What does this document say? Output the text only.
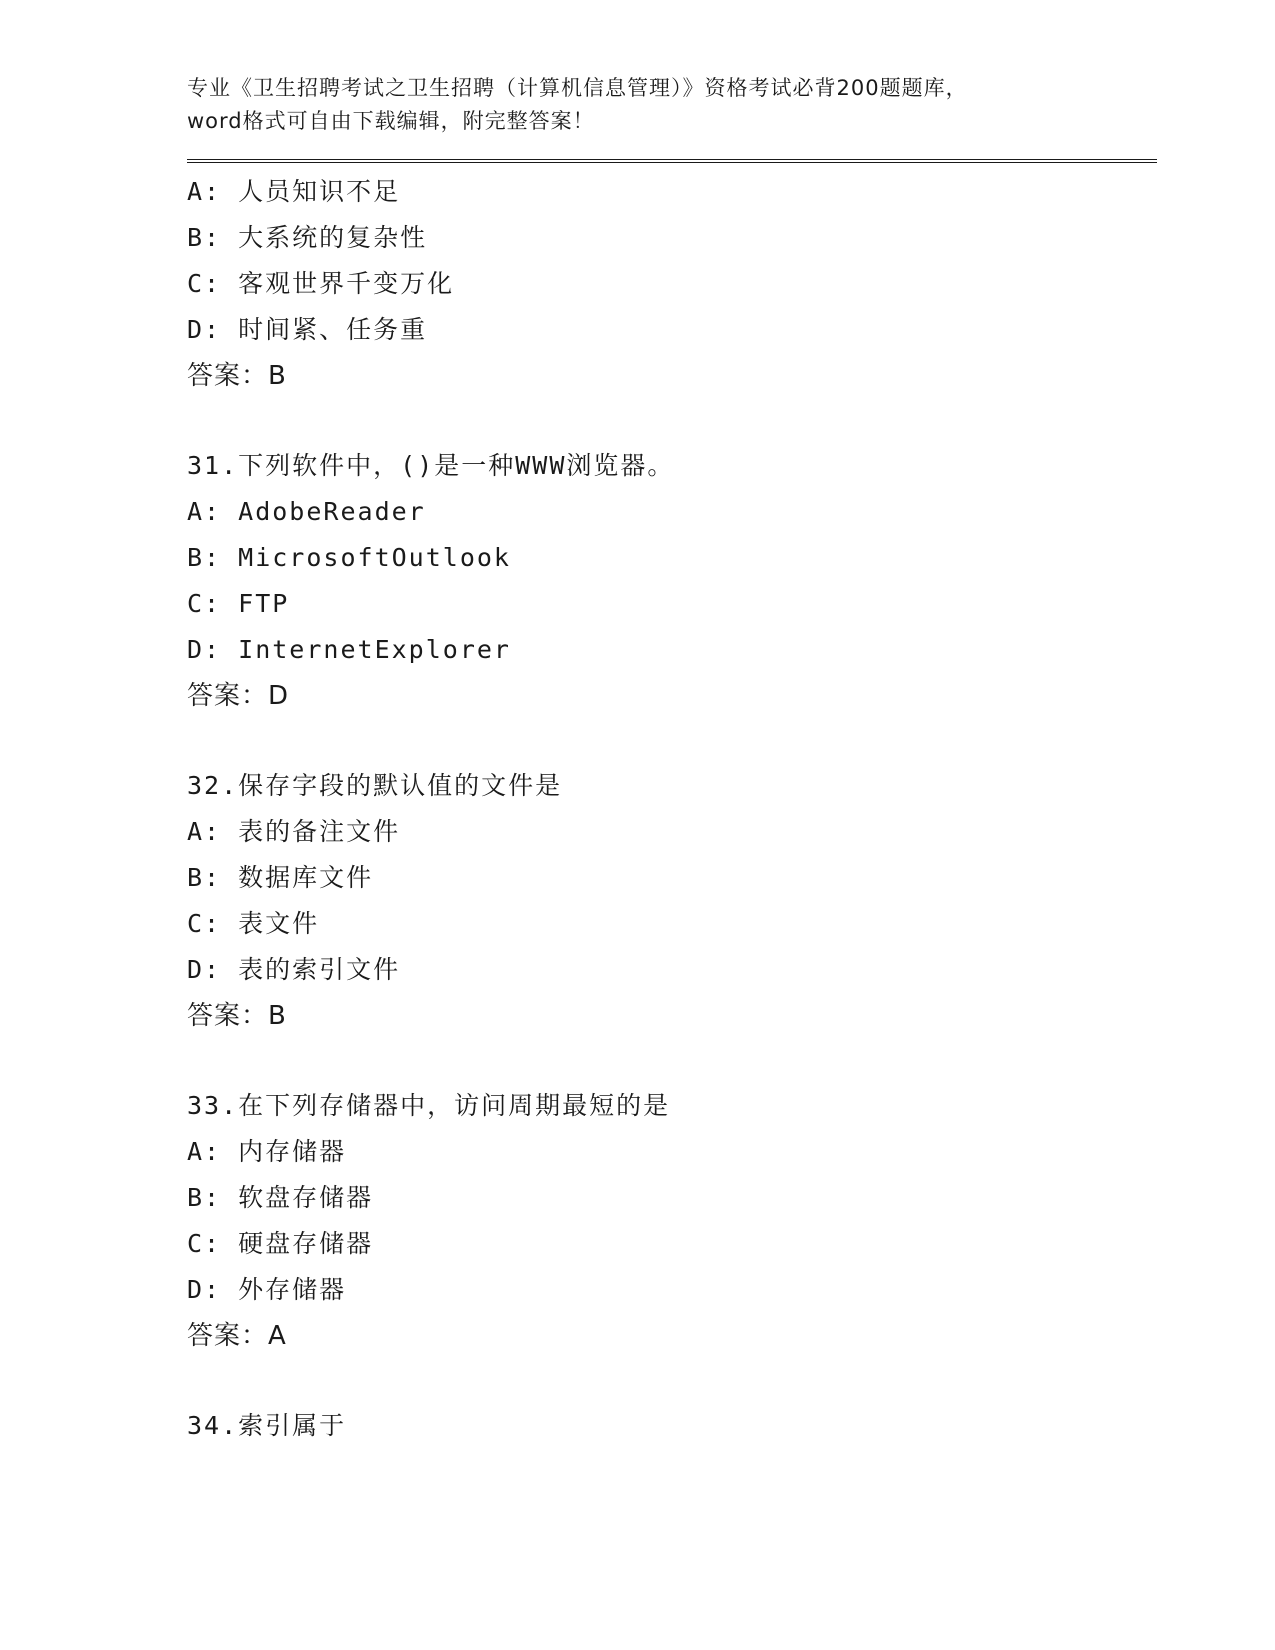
专业《卫生招聘考试之卫生招聘（计算机信息管理）》资格考试必背200题题库，
word格式可自由下载编辑，附完整答案！
A: 人员知识不足
B: 大系统的复杂性
C: 客观世界千变万化
D: 时间紧、任务重
答案：B
31.下列软件中，()是一种WWW浏览器。
A: AdobeReader
B: MicrosoftOutlook
C: FTP
D: InternetExplorer
答案：D
32.保存字段的默认值的文件是
A: 表的备注文件
B: 数据库文件
C: 表文件
D: 表的索引文件
答案：B
33.在下列存储器中，访问周期最短的是
A: 内存储器
B: 软盘存储器
C: 硬盘存储器
D: 外存储器
答案：A
34.索引属于
